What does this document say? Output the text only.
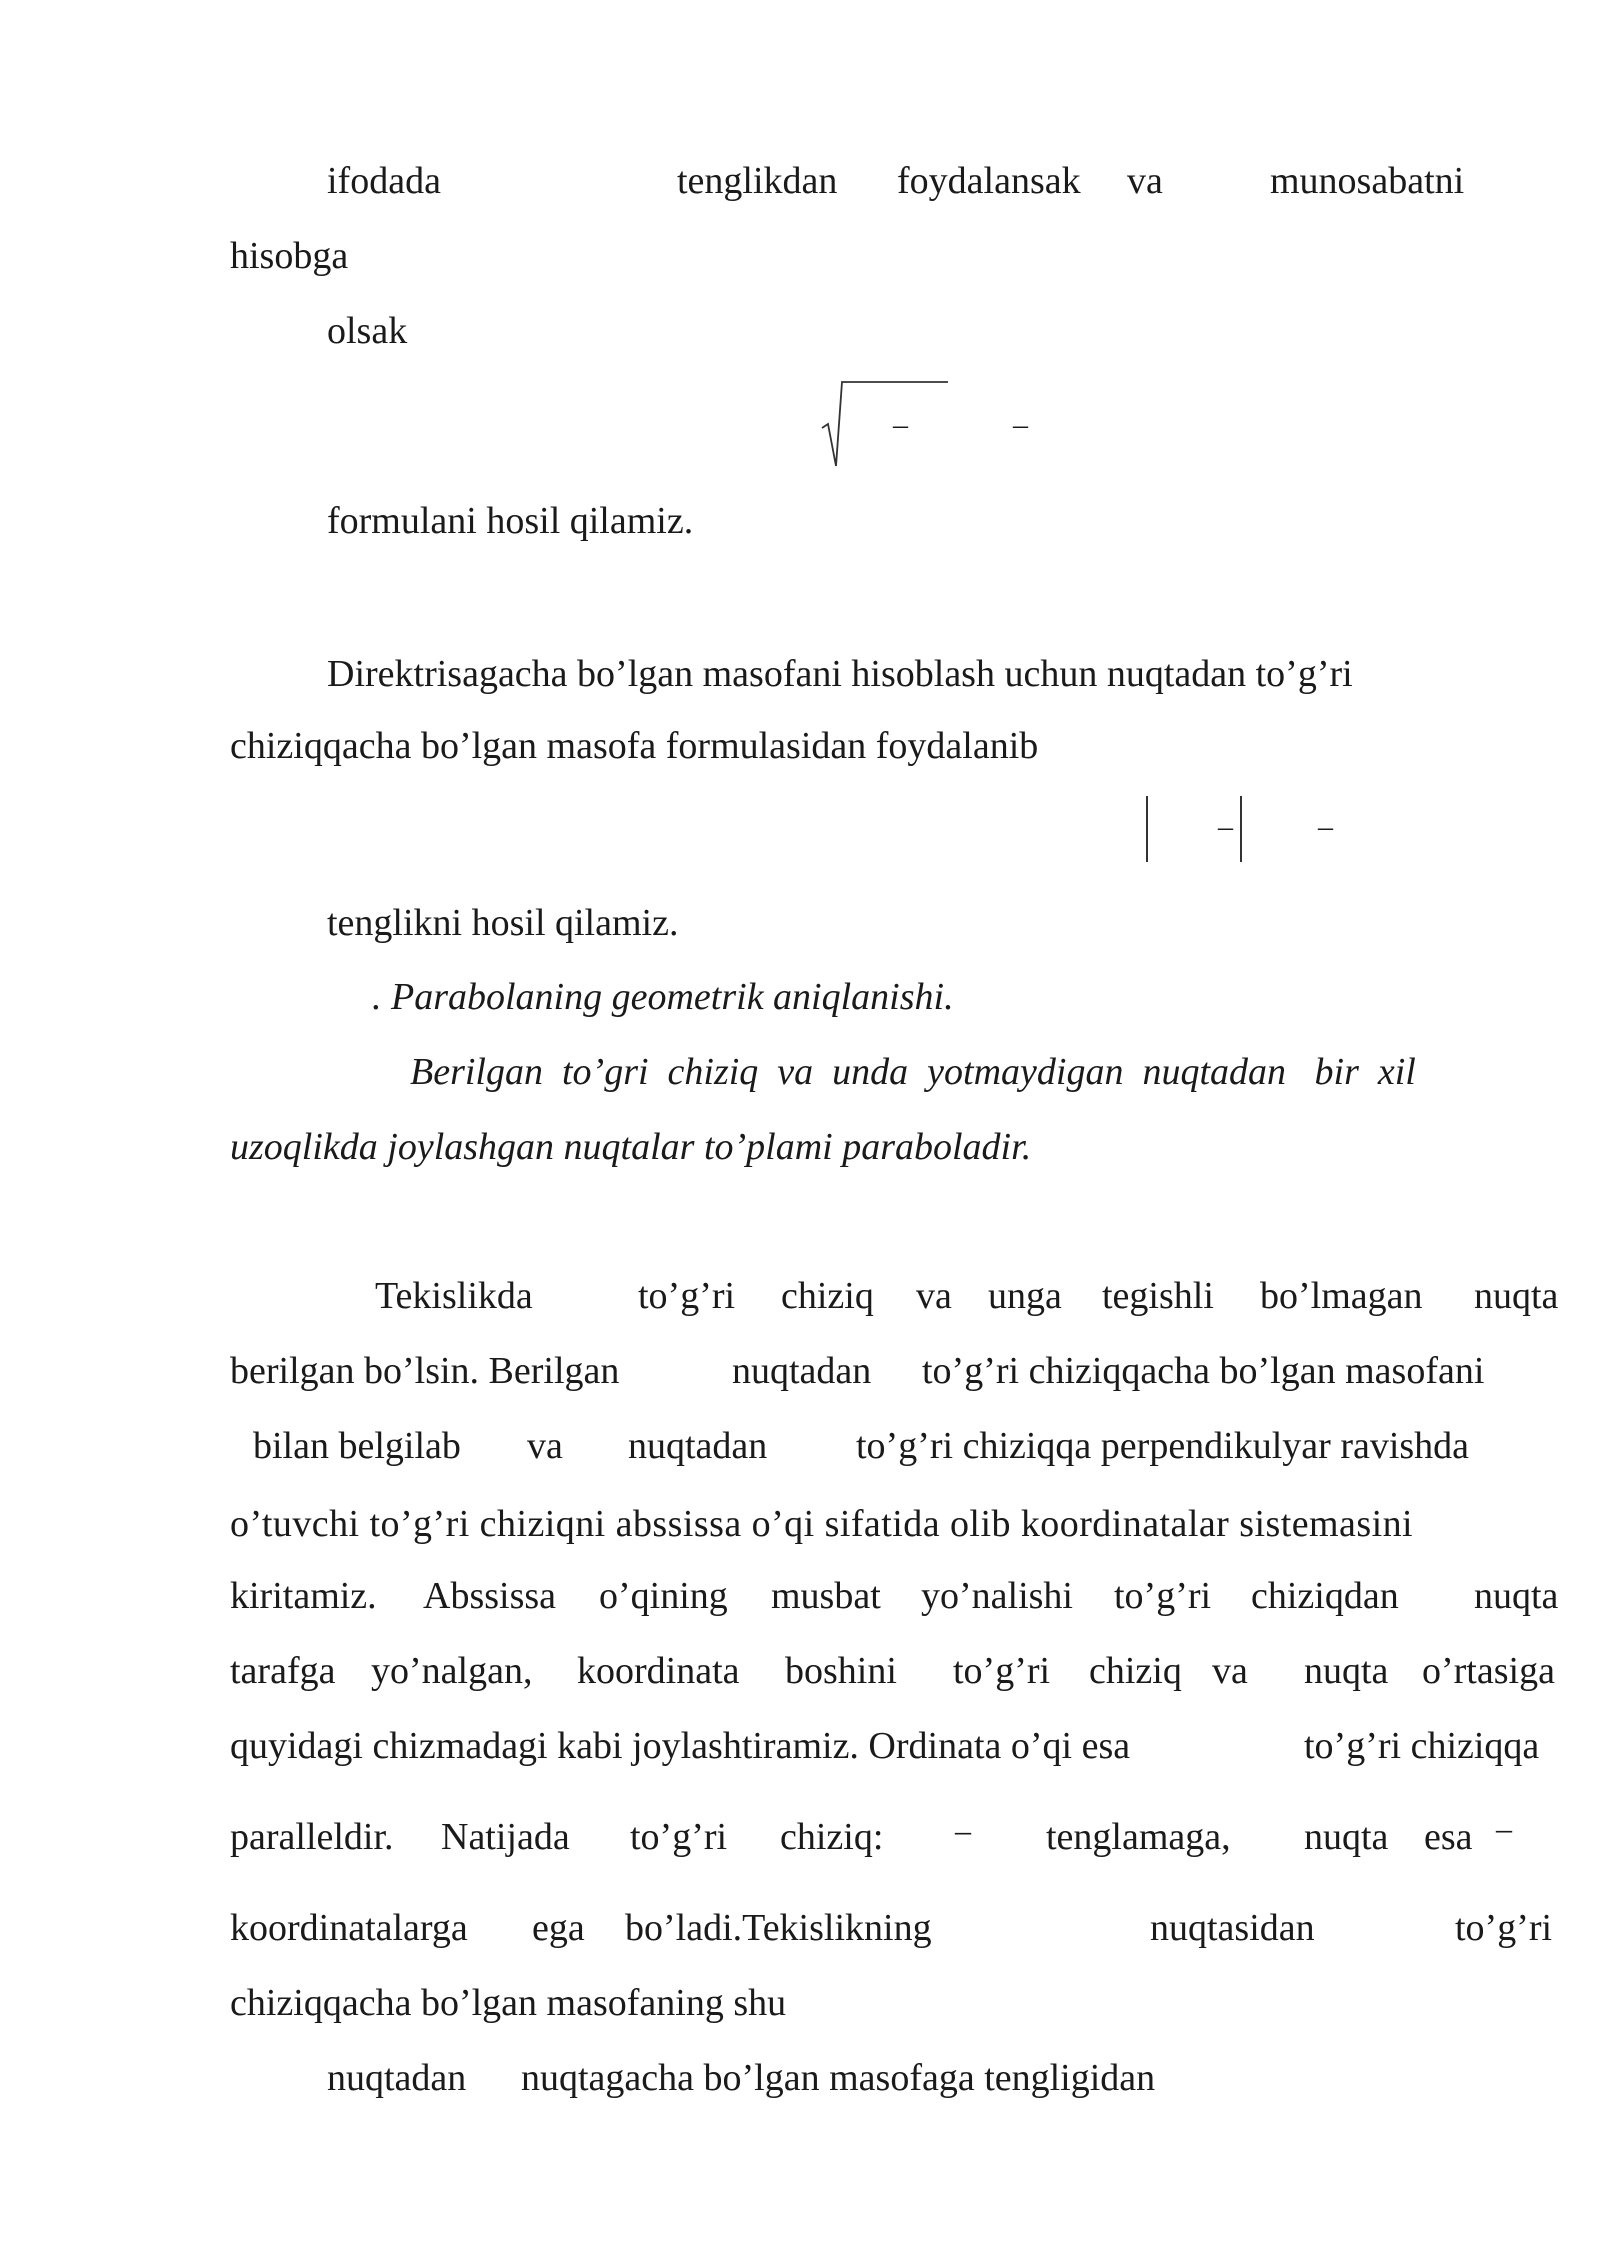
ifodada	tenglikdan foydalansak va	munosabatni
hisobga
olsak
‒	‒
formulani hosil qilamiz.
Direktrisagacha bo’lgan masofani hisoblash uchun nuqtadan to’g’ri
chiziqqacha bo’lgan masofa formulasidan foydalanib
‒	‒
tenglikni hosil qilamiz.
. Parabolaning geometrik aniqlanishi.
Berilgan  to’gri  chiziq  va  unda  yotmaydigan  nuqtadan   bir  xil
uzoqlikda joylashgan nuqtalar to’plami paraboladir.
Tekislikda	to’g’ri chiziq va unga tegishli bo’lmagan nuqta
berilgan bo’lsin. Berilgan	nuqtadan to’g’ri chiziqqacha bo’lgan masofani
bilan belgilab va nuqtadan to’g’ri chiziqqa perpendikulyar ravishda
o’tuvchi to’g’ri chiziqni abssissa o’qi sifatida olib koordinatalar sistemasini
kiritamiz. Abssissa o’qining musbat yo’nalishi to’g’ri chiziqdan nuqta
tarafga yo’nalgan, koordinata boshini to’g’ri chiziq va nuqta o’rtasiga
quyidagi chizmadagi kabi joylashtiramiz. Ordinata o’qi esa	to’g’ri chiziqqa
paralleldir. Natijada to’g’ri chiziq: ‒ tenglamaga, nuqta esa ‒
koordinatalarga ega bo’ladi.Tekislikning	nuqtasidan	to’g’ri
chiziqqacha bo’lgan masofaning shu
nuqtadan nuqtagacha bo’lgan masofaga tengligidan
